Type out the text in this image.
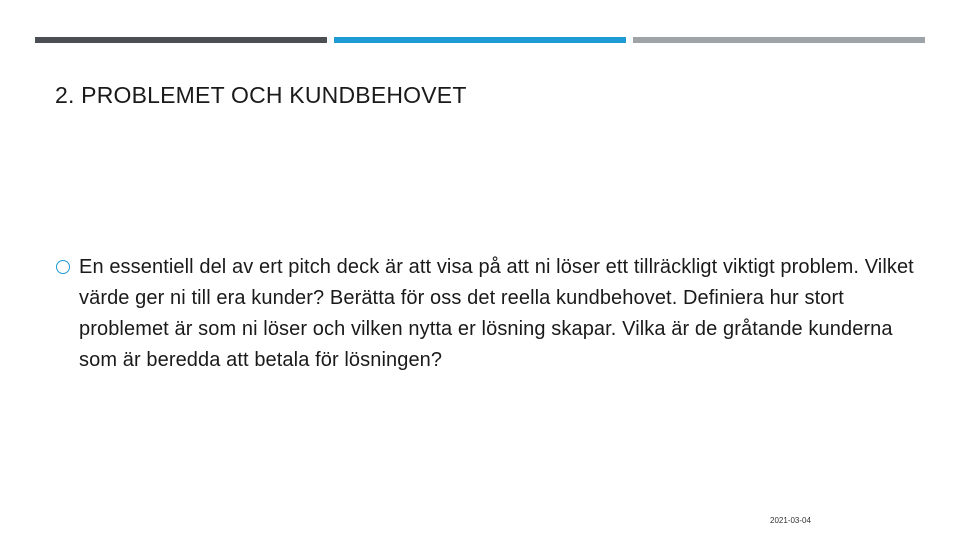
2. PROBLEMET OCH KUNDBEHOVET
En essentiell del av ert pitch deck är att visa på att ni löser ett tillräckligt viktigt problem. Vilket värde ger ni till era kunder? Berätta för oss det reella kundbehovet. Definiera hur stort problemet är som ni löser och vilken nytta er lösning skapar. Vilka är de gråtande kunderna som är beredda att betala för lösningen?
2021-03-04
